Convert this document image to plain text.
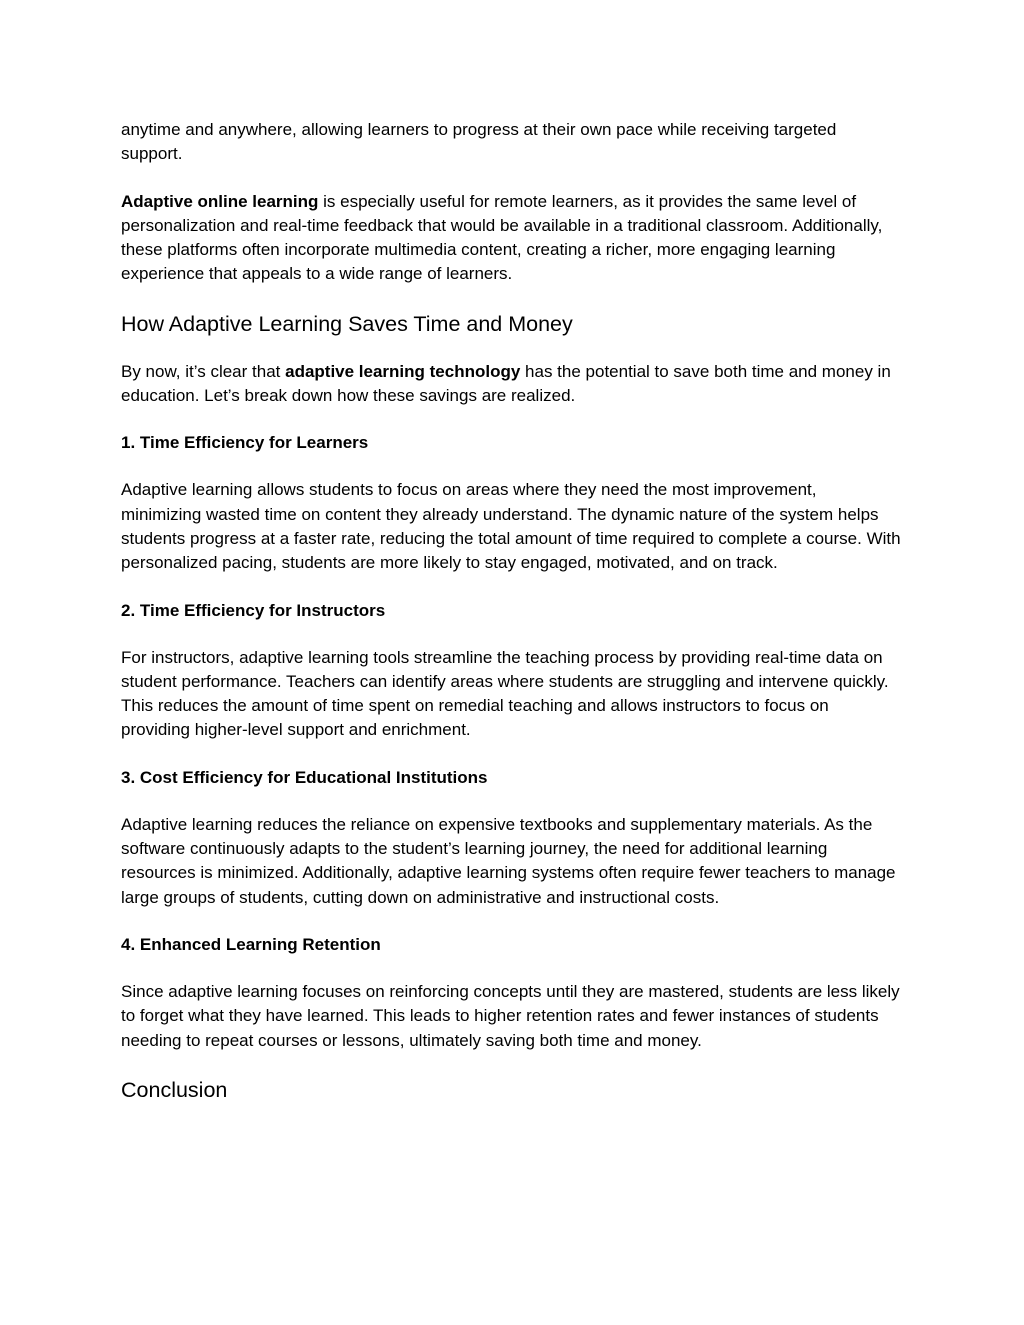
anytime and anywhere, allowing learners to progress at their own pace while receiving targeted support.

Adaptive online learning is especially useful for remote learners, as it provides the same level of personalization and real-time feedback that would be available in a traditional classroom. Additionally, these platforms often incorporate multimedia content, creating a richer, more engaging learning experience that appeals to a wide range of learners.

How Adaptive Learning Saves Time and Money

By now, it’s clear that adaptive learning technology has the potential to save both time and money in education. Let’s break down how these savings are realized.

1. Time Efficiency for Learners

Adaptive learning allows students to focus on areas where they need the most improvement, minimizing wasted time on content they already understand. The dynamic nature of the system helps students progress at a faster rate, reducing the total amount of time required to complete a course. With personalized pacing, students are more likely to stay engaged, motivated, and on track.

2. Time Efficiency for Instructors

For instructors, adaptive learning tools streamline the teaching process by providing real-time data on student performance. Teachers can identify areas where students are struggling and intervene quickly. This reduces the amount of time spent on remedial teaching and allows instructors to focus on providing higher-level support and enrichment.

3. Cost Efficiency for Educational Institutions

Adaptive learning reduces the reliance on expensive textbooks and supplementary materials. As the software continuously adapts to the student’s learning journey, the need for additional learning resources is minimized. Additionally, adaptive learning systems often require fewer teachers to manage large groups of students, cutting down on administrative and instructional costs.

4. Enhanced Learning Retention

Since adaptive learning focuses on reinforcing concepts until they are mastered, students are less likely to forget what they have learned. This leads to higher retention rates and fewer instances of students needing to repeat courses or lessons, ultimately saving both time and money.

Conclusion
